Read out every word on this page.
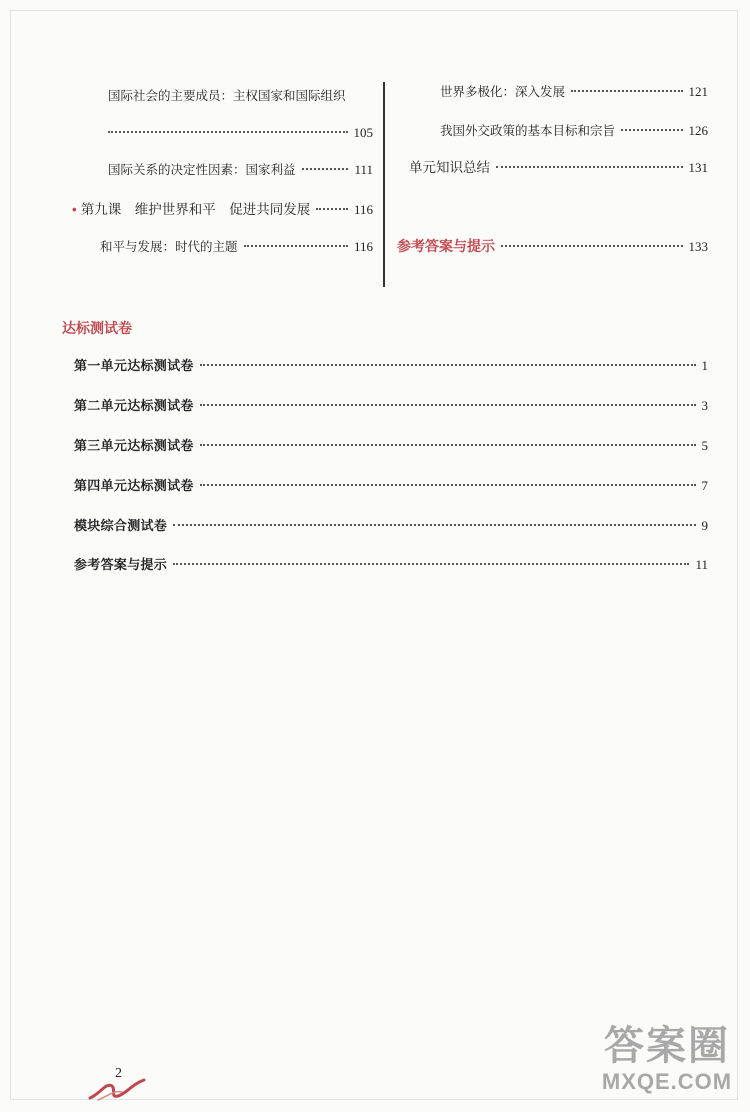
国际社会的主要成员：主权国家和国际组织
105
国际关系的决定性因素：国家利益	111
• 第九课　维护世界和平　促进共同发展	116
和平与发展：时代的主题	116
世界多极化：深入发展	121
我国外交政策的基本目标和宗旨	126
单元知识总结	131
参考答案与提示	133
达标测试卷
第一单元达标测试卷	1
第二单元达标测试卷	3
第三单元达标测试卷	5
第四单元达标测试卷	7
模块综合测试卷	9
参考答案与提示	11
2
答案圈
MXQE.COM
